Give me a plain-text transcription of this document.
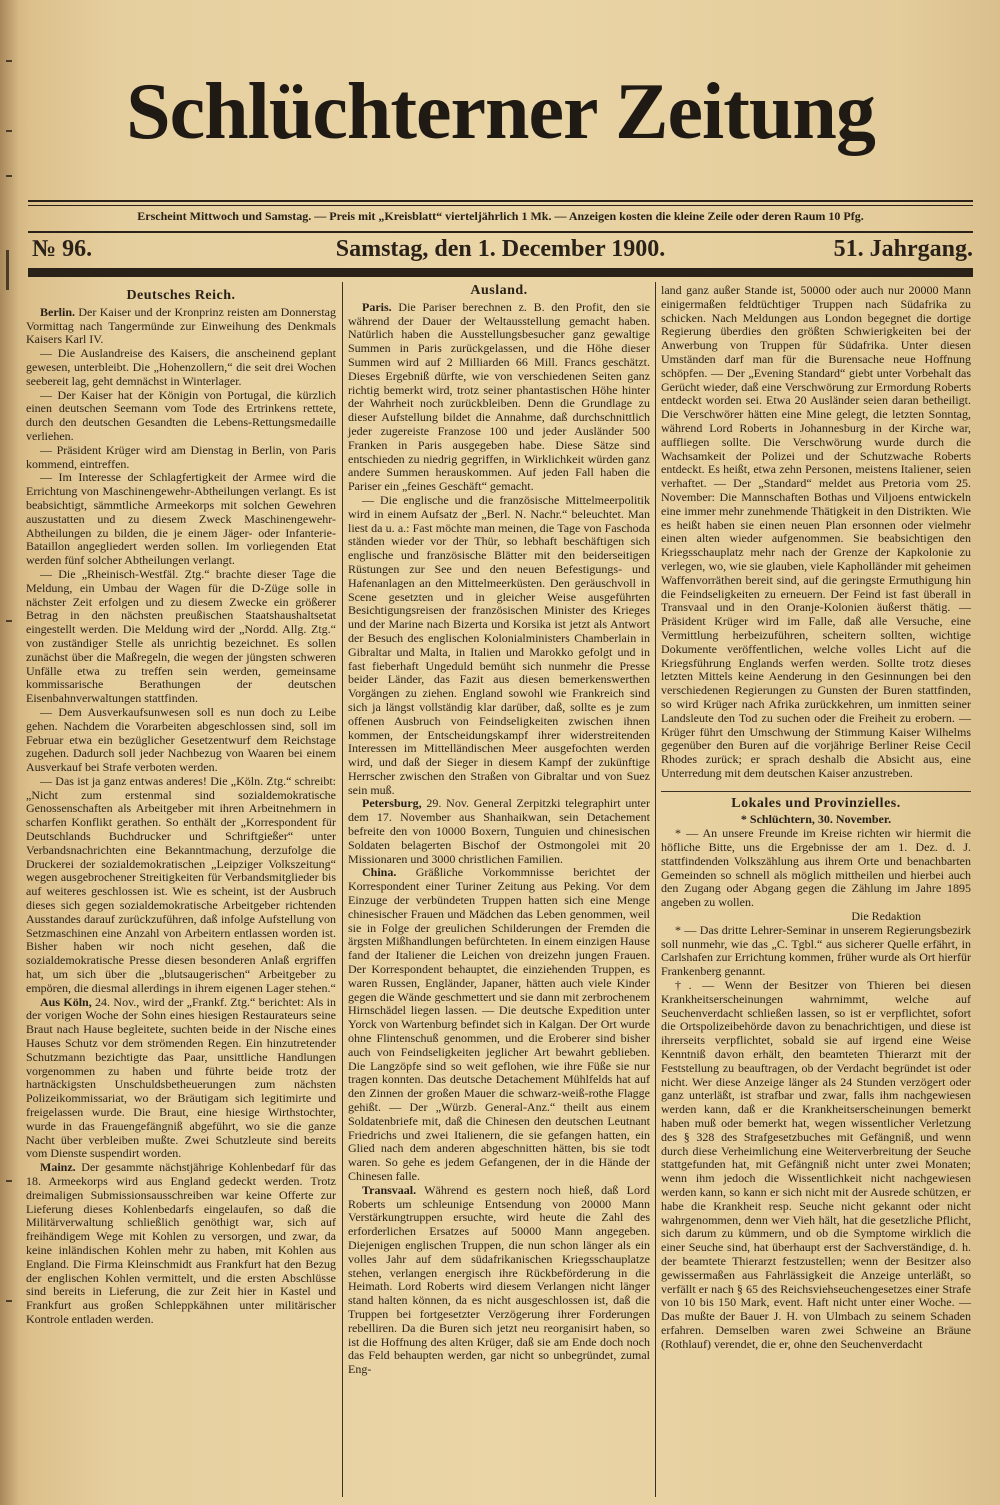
Schlüchterner Zeitung
Erscheint Mittwoch und Samstag. — Preis mit „Kreisblatt“ vierteljährlich 1 Mk. — Anzeigen kosten die kleine Zeile oder deren Raum 10 Pfg.
№ 96.	Samstag, den 1. December 1900.	51. Jahrgang.
Deutsches Reich.

Berlin. Der Kaiser und der Kronprinz reisten am Donnerstag Vormittag nach Tangermünde zur Einweihung des Denkmals Kaisers Karl IV.

— Die Auslandreise des Kaisers, die anscheinend geplant gewesen, unterbleibt. Die „Hohenzollern,“ die seit drei Wochen seebereit lag, geht demnächst in Winterlager.

— Der Kaiser hat der Königin von Portugal, die kürzlich einen deutschen Seemann vom Tode des Ertrinkens rettete, durch den deutschen Gesandten die Lebens-Rettungsmedaille verliehen.

— Präsident Krüger wird am Dienstag in Berlin, von Paris kommend, eintreffen.

— Im Interesse der Schlagfertigkeit der Armee wird die Errichtung von Maschinengewehr-Abtheilungen verlangt. Es ist beabsichtigt, sämmtliche Armeekorps mit solchen Gewehren auszustatten und zu diesem Zweck Maschinengewehr-Abtheilungen zu bilden, die je einem Jäger- oder Infanterie-Bataillon angegliedert werden sollen. Im vorliegenden Etat werden fünf solcher Abtheilungen verlangt.

— Die „Rheinisch-Westfäl. Ztg.“ brachte dieser Tage die Meldung, ein Umbau der Wagen für die D-Züge solle in nächster Zeit erfolgen und zu diesem Zwecke ein größerer Betrag in den nächsten preußischen Staatshaushaltsetat eingestellt werden. Die Meldung wird der „Nordd. Allg. Ztg.“ von zuständiger Stelle als unrichtig bezeichnet. Es sollen zunächst über die Maßregeln, die wegen der jüngsten schweren Unfälle etwa zu treffen sein werden, gemeinsame kommissarische Berathungen der deutschen Eisenbahnverwaltungen stattfinden.

— Dem Ausverkaufsunwesen soll es nun doch zu Leibe gehen. Nachdem die Vorarbeiten abgeschlossen sind, soll im Februar etwa ein bezüglicher Gesetzentwurf dem Reichstage zugehen. Dadurch soll jeder Nachbezug von Waaren bei einem Ausverkauf bei Strafe verboten werden.

— Das ist ja ganz entwas anderes! Die „Köln. Ztg.“ schreibt: „Nicht zum erstenmal sind sozialdemokratische Genossenschaften als Arbeitgeber mit ihren Arbeitnehmern in scharfen Konflikt gerathen. So enthält der „Korrespondent für Deutschlands Buchdrucker und Schriftgießer“ unter Verbandsnachrichten eine Bekanntmachung, derzufolge die Druckerei der sozialdemokratischen „Leipziger Volkszeitung“ wegen ausgebrochener Streitigkeiten für Verbandsmitglieder bis auf weiteres geschlossen ist. Wie es scheint, ist der Ausbruch dieses sich gegen sozialdemokratische Arbeitgeber richtenden Ausstandes darauf zurückzuführen, daß infolge Aufstellung von Setzmaschinen eine Anzahl von Arbeitern entlassen worden ist. Bisher haben wir noch nicht gesehen, daß die sozialdemokratische Presse diesen besonderen Anlaß ergriffen hat, um sich über die „blutsaugerischen“ Arbeitgeber zu empören, die diesmal allerdings in ihrem eigenen Lager stehen.“

Aus Köln, 24. Nov., wird der „Frankf. Ztg.“ berichtet: Als in der vorigen Woche der Sohn eines hiesigen Restaurateurs seine Braut nach Hause begleitete, suchten beide in der Nische eines Hauses Schutz vor dem strömenden Regen. Ein hinzutretender Schutzmann bezichtigte das Paar, unsittliche Handlungen vorgenommen zu haben und führte beide trotz der hartnäckigsten Unschuldsbetheuerungen zum nächsten Polizeikommissariat, wo der Bräutigam sich legitimirte und freigelassen wurde. Die Braut, eine hiesige Wirthstochter, wurde in das Frauengefängniß abgeführt, wo sie die ganze Nacht über verbleiben mußte. Zwei Schutzleute sind bereits vom Dienste suspendirt worden.

Mainz. Der gesammte nächstjährige Kohlenbedarf für das 18. Armeekorps wird aus England gedeckt werden. Trotz dreimaligen Submissionsausschreiben war keine Offerte zur Lieferung dieses Kohlenbedarfs eingelaufen, so daß die Militärverwaltung schließlich genöthigt war, sich auf freihändigem Wege mit Kohlen zu versorgen, und zwar, da keine inländischen Kohlen mehr zu haben, mit Kohlen aus England. Die Firma Kleinschmidt aus Frankfurt hat den Bezug der englischen Kohlen vermittelt, und die ersten Abschlüsse sind bereits in Lieferung, die zur Zeit hier in Kastel und Frankfurt aus großen Schleppkähnen unter militärischer Kontrole entladen werden.

Ausland.

Paris. Die Pariser berechnen z. B. den Profit, den sie während der Dauer der Weltausstellung gemacht haben. Natürlich haben die Ausstellungsbesucher ganz gewaltige Summen in Paris zurückgelassen, und die Höhe dieser Summen wird auf 2 Milliarden 66 Mill. Francs geschätzt. Dieses Ergebniß dürfte, wie von verschiedenen Seiten ganz richtig bemerkt wird, trotz seiner phantastischen Höhe hinter der Wahrheit noch zurückbleiben. Denn die Grundlage zu dieser Aufstellung bildet die Annahme, daß durchschnittlich jeder zugereiste Franzose 100 und jeder Ausländer 500 Franken in Paris ausgegeben habe. Diese Sätze sind entschieden zu niedrig gegriffen, in Wirklichkeit würden ganz andere Summen herauskommen. Auf jeden Fall haben die Pariser ein „feines Geschäft“ gemacht.

— Die englische und die französische Mittelmeerpolitik wird in einem Aufsatz der „Berl. N. Nachr.“ beleuchtet. Man liest da u. a.: Fast möchte man meinen, die Tage von Faschoda ständen wieder vor der Thür, so lebhaft beschäftigen sich englische und französische Blätter mit den beiderseitigen Rüstungen zur See und den neuen Befestigungs- und Hafenanlagen an den Mittelmeerküsten. Den geräuschvoll in Scene gesetzten und in gleicher Weise ausgeführten Besichtigungsreisen der französischen Minister des Krieges und der Marine nach Bizerta und Korsika ist jetzt als Antwort der Besuch des englischen Kolonialministers Chamberlain in Gibraltar und Malta, in Italien und Marokko gefolgt und in fast fieberhaft Ungeduld bemüht sich nunmehr die Presse beider Länder, das Fazit aus diesen bemerkenswerthen Vorgängen zu ziehen. England sowohl wie Frankreich sind sich ja längst vollständig klar darüber, daß, sollte es je zum offenen Ausbruch von Feindseligkeiten zwischen ihnen kommen, der Entscheidungskampf ihrer widerstreitenden Interessen im Mittelländischen Meer ausgefochten werden wird, und daß der Sieger in diesem Kampf der zukünftige Herrscher zwischen den Straßen von Gibraltar und von Suez sein muß.

Petersburg, 29. Nov. General Zerpitzki telegraphirt unter dem 17. November aus Shanhaikwan, sein Detachement befreite den von 10000 Boxern, Tunguien und chinesischen Soldaten belagerten Bischof der Ostmongolei mit 20 Missionaren und 3000 christlichen Familien.

China. Gräßliche Vorkommnisse berichtet der Korrespondent einer Turiner Zeitung aus Peking. Vor dem Einzuge der verbündeten Truppen hatten sich eine Menge chinesischer Frauen und Mädchen das Leben genommen, weil sie in Folge der greulichen Schilderungen der Fremden die ärgsten Mißhandlungen befürchteten. In einem einzigen Hause fand der Italiener die Leichen von dreizehn jungen Frauen. Der Korrespondent behauptet, die einziehenden Truppen, es waren Russen, Engländer, Japaner, hätten auch viele Kinder gegen die Wände geschmettert und sie dann mit zerbrochenem Hirnschädel liegen lassen. — Die deutsche Expedition unter Yorck von Wartenburg befindet sich in Kalgan. Der Ort wurde ohne Flintenschuß genommen, und die Eroberer sind bisher auch von Feindseligkeiten jeglicher Art bewahrt geblieben. Die Langzöpfe sind so weit geflohen, wie ihre Füße sie nur tragen konnten. Das deutsche Detachement Mühlfelds hat auf den Zinnen der großen Mauer die schwarz-weiß-rothe Flagge gehißt. — Der „Würzb. General-Anz.“ theilt aus einem Soldatenbriefe mit, daß die Chinesen den deutschen Leutnant Friedrichs und zwei Italienern, die sie gefangen hatten, ein Glied nach dem anderen abgeschnitten hätten, bis sie todt waren. So gehe es jedem Gefangenen, der in die Hände der Chinesen falle.

Transvaal. Während es gestern noch hieß, daß Lord Roberts um schleunige Entsendung von 20000 Mann Verstärkungtruppen ersuchte, wird heute die Zahl des erforderlichen Ersatzes auf 50000 Mann angegeben. Diejenigen englischen Truppen, die nun schon länger als ein volles Jahr auf dem südafrikanischen Kriegsschauplatze stehen, verlangen energisch ihre Rückbeförderung in die Heimath. Lord Roberts wird diesem Verlangen nicht länger stand halten können, da es nicht ausgeschlossen ist, daß die Truppen bei fortgesetzter Verzögerung ihrer Forderungen rebelliren. Da die Buren sich jetzt neu reorganisirt haben, so ist die Hoffnung des alten Krüger, daß sie am Ende doch noch das Feld behaupten werden, gar nicht so unbegründet, zumal Eng-

land ganz außer Stande ist, 50000 oder auch nur 20000 Mann einigermaßen feldtüchtiger Truppen nach Südafrika zu schicken. Nach Meldungen aus London begegnet die dortige Regierung überdies den größten Schwierigkeiten bei der Anwerbung von Truppen für Südafrika. Unter diesen Umständen darf man für die Burensache neue Hoffnung schöpfen. — Der „Evening Standard“ giebt unter Vorbehalt das Gerücht wieder, daß eine Verschwörung zur Ermordung Roberts entdeckt worden sei. Etwa 20 Ausländer seien daran betheiligt. Die Verschwörer hätten eine Mine gelegt, die letzten Sonntag, während Lord Roberts in Johannesburg in der Kirche war, auffliegen sollte. Die Verschwörung wurde durch die Wachsamkeit der Polizei und der Schutzwache Roberts entdeckt. Es heißt, etwa zehn Personen, meistens Italiener, seien verhaftet. — Der „Standard“ meldet aus Pretoria vom 25. November: Die Mannschaften Bothas und Viljoens entwickeln eine immer mehr zunehmende Thätigkeit in den Distrikten. Wie es heißt haben sie einen neuen Plan ersonnen oder vielmehr einen alten wieder aufgenommen. Sie beabsichtigen den Kriegsschauplatz mehr nach der Grenze der Kapkolonie zu verlegen, wo, wie sie glauben, viele Kapholländer mit geheimen Waffenvorräthen bereit sind, auf die geringste Ermuthigung hin die Feindseligkeiten zu erneuern. Der Feind ist fast überall in Transvaal und in den Oranje-Kolonien äußerst thätig. — Präsident Krüger wird im Falle, daß alle Versuche, eine Vermittlung herbeizuführen, scheitern sollten, wichtige Dokumente veröffentlichen, welche volles Licht auf die Kriegsführung Englands werfen werden. Sollte trotz dieses letzten Mittels keine Aenderung in den Gesinnungen bei den verschiedenen Regierungen zu Gunsten der Buren stattfinden, so wird Krüger nach Afrika zurückkehren, um inmitten seiner Landsleute den Tod zu suchen oder die Freiheit zu erobern. — Krüger führt den Umschwung der Stimmung Kaiser Wilhelms gegenüber den Buren auf die vorjährige Berliner Reise Cecil Rhodes zurück; er sprach deshalb die Absicht aus, eine Unterredung mit dem deutschen Kaiser anzustreben.

Lokales und Provinzielles.

* Schlüchtern, 30. November.

* — An unsere Freunde im Kreise richten wir hiermit die höfliche Bitte, uns die Ergebnisse der am 1. Dez. d. J. stattfindenden Volkszählung aus ihrem Orte und benachbarten Gemeinden so schnell als möglich mittheilen und hierbei auch den Zugang oder Abgang gegen die Zählung im Jahre 1895 angeben zu wollen.

Die Redaktion

* — Das dritte Lehrer-Seminar in unserem Regierungsbezirk soll nunmehr, wie das „C. Tgbl.“ aus sicherer Quelle erfährt, in Carlshafen zur Errichtung kommen, früher wurde als Ort hierfür Frankenberg genannt.

†. — Wenn der Besitzer von Thieren bei diesen Krankheitserscheinungen wahrnimmt, welche auf Seuchenverdacht schließen lassen, so ist er verpflichtet, sofort die Ortspolizeibehörde davon zu benachrichtigen, und diese ist ihrerseits verpflichtet, sobald sie auf irgend eine Weise Kenntniß davon erhält, den beamteten Thierarzt mit der Feststellung zu beauftragen, ob der Verdacht begründet ist oder nicht. Wer diese Anzeige länger als 24 Stunden verzögert oder ganz unterläßt, ist strafbar und zwar, falls ihm nachgewiesen werden kann, daß er die Krankheitserscheinungen bemerkt haben muß oder bemerkt hat, wegen wissentlicher Verletzung des § 328 des Strafgesetzbuches mit Gefängniß, und wenn durch diese Verheimlichung eine Weiterverbreitung der Seuche stattgefunden hat, mit Gefängniß nicht unter zwei Monaten; wenn ihm jedoch die Wissentlichkeit nicht nachgewiesen werden kann, so kann er sich nicht mit der Ausrede schützen, er habe die Krankheit resp. Seuche nicht gekannt oder nicht wahrgenommen, denn wer Vieh hält, hat die gesetzliche Pflicht, sich darum zu kümmern, und ob die Symptome wirklich die einer Seuche sind, hat überhaupt erst der Sachverständige, d. h. der beamtete Thierarzt festzustellen; wenn der Besitzer also gewissermaßen aus Fahrlässigkeit die Anzeige unterläßt, so verfällt er nach § 65 des Reichsviehseuchengesetzes einer Strafe von 10 bis 150 Mark, event. Haft nicht unter einer Woche. — Das mußte der Bauer J. H. von Ulmbach zu seinem Schaden erfahren. Demselben waren zwei Schweine an Bräune (Rothlauf) verendet, die er, ohne den Seuchenverdacht
